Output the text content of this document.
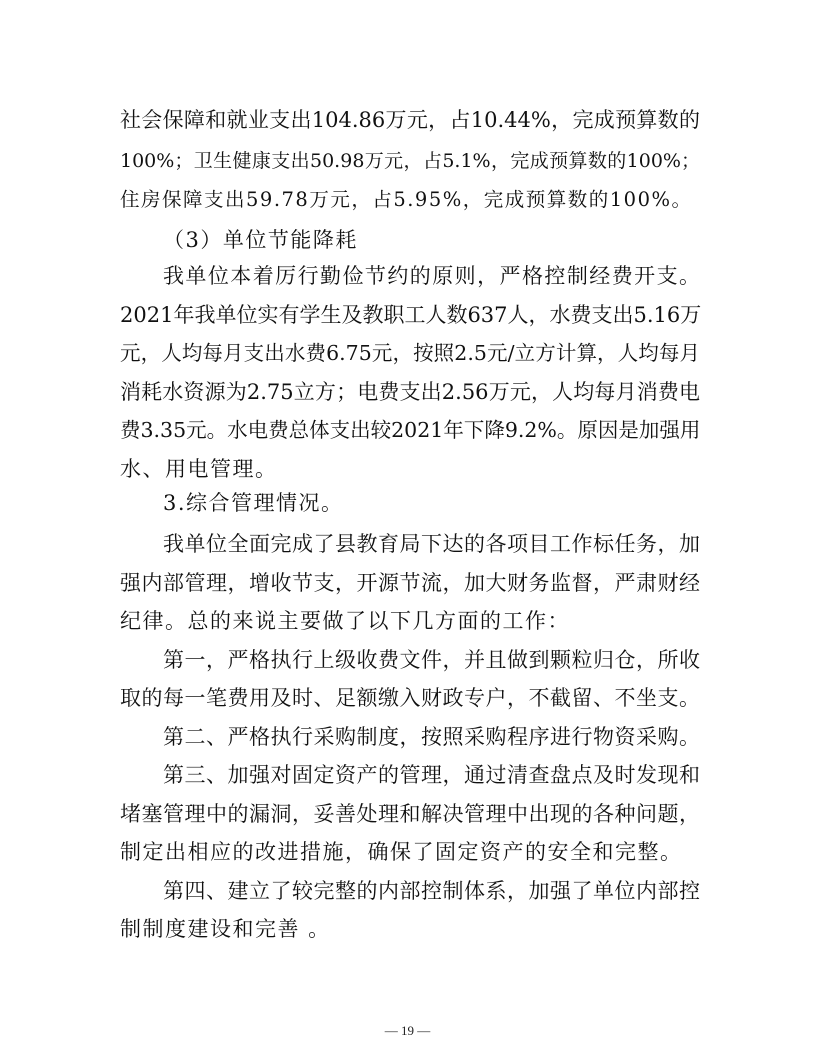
社会保障和就业支出104.86万元，占10.44%，完成预算数的
100%；卫生健康支出50.98万元，占5.1%，完成预算数的100%；
住房保障支出59.78万元，占5.95%，完成预算数的100%。
（3）单位节能降耗
我单位本着厉行勤俭节约的原则，严格控制经费开支。
2021年我单位实有学生及教职工人数637人，水费支出5.16万
元，人均每月支出水费6.75元，按照2.5元/立方计算，人均每月
消耗水资源为2.75立方；电费支出2.56万元，人均每月消费电
费3.35元。水电费总体支出较2021年下降9.2%。原因是加强用
水、用电管理。
3.综合管理情况。
我单位全面完成了县教育局下达的各项目工作标任务，加
强内部管理，增收节支，开源节流，加大财务监督，严肃财经
纪律。总的来说主要做了以下几方面的工作：
第一，严格执行上级收费文件，并且做到颗粒归仓，所收
取的每一笔费用及时、足额缴入财政专户，不截留、不坐支。
第二、严格执行采购制度，按照采购程序进行物资采购。
第三、加强对固定资产的管理，通过清查盘点及时发现和
堵塞管理中的漏洞，妥善处理和解决管理中出现的各种问题，
制定出相应的改进措施，确保了固定资产的安全和完整。
第四、建立了较完整的内部控制体系，加强了单位内部控
制制度建设和完善 。
— 19 —
